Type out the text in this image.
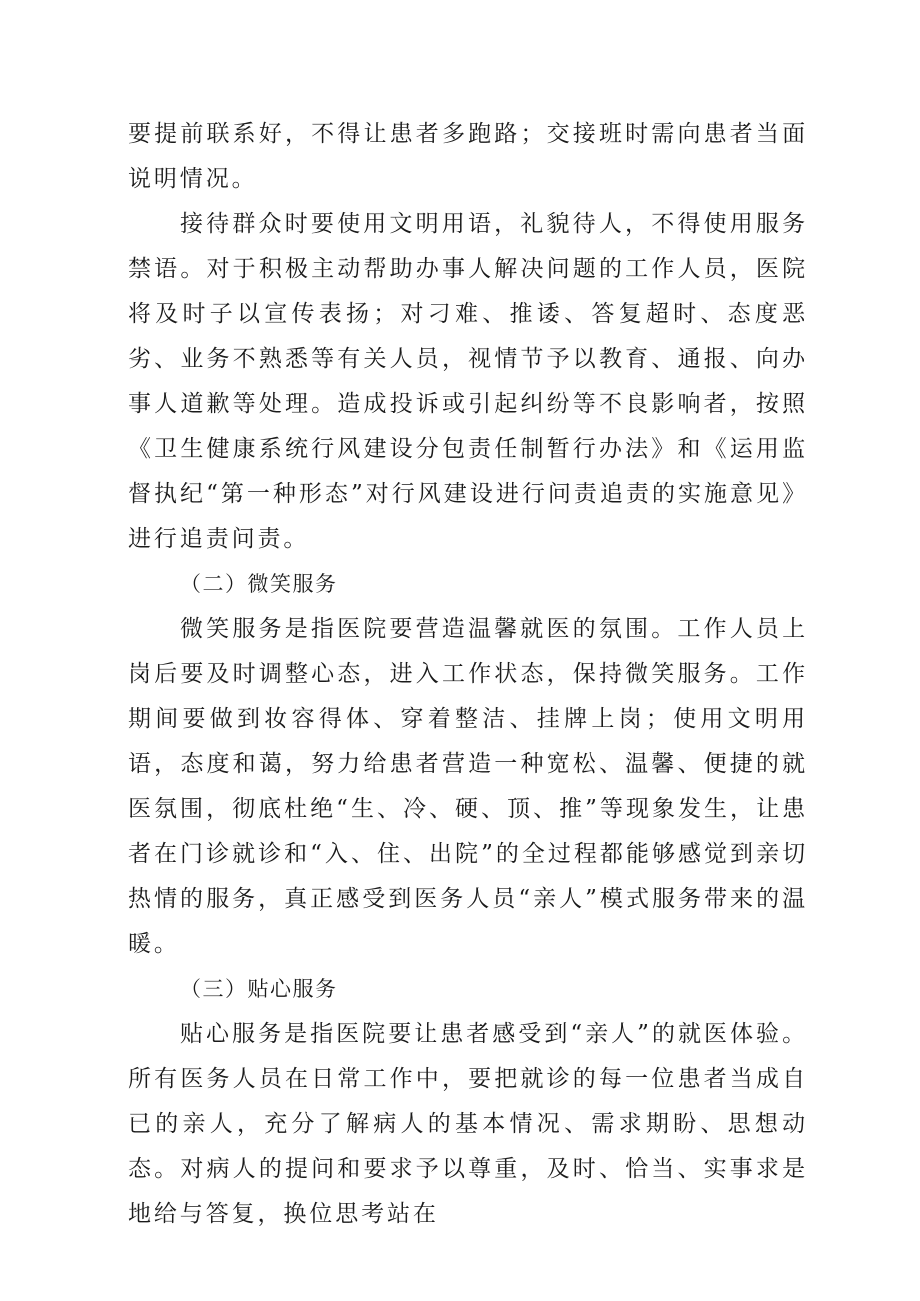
要提前联系好，不得让患者多跑路；交接班时需向患者当面说明情况。

接待群众时要使用文明用语，礼貌待人，不得使用服务禁语。对于积极主动帮助办事人解决问题的工作人员，医院将及时子以宣传表扬；对刁难、推诿、答复超时、态度恶劣、业务不熟悉等有关人员，视情节予以教育、通报、向办事人道歉等处理。造成投诉或引起纠纷等不良影响者，按照《卫生健康系统行风建设分包责任制暂行办法》和《运用监督执纪“第一种形态”对行风建设进行问责追责的实施意见》进行追责问责。

（二）微笑服务

微笑服务是指医院要营造温馨就医的氛围。工作人员上岗后要及时调整心态，进入工作状态，保持微笑服务。工作期间要做到妆容得体、穿着整洁、挂牌上岗；使用文明用语，态度和蔼，努力给患者营造一种宽松、温馨、便捷的就医氛围，彻底杜绝“生、冷、硬、顶、推”等现象发生，让患者在门诊就诊和“入、住、出院”的全过程都能够感觉到亲切热情的服务，真正感受到医务人员“亲人”模式服务带来的温暖。

（三）贴心服务

贴心服务是指医院要让患者感受到“亲人”的就医体验。所有医务人员在日常工作中，要把就诊的每一位患者当成自已的亲人，充分了解病人的基本情况、需求期盼、思想动态。对病人的提问和要求予以尊重，及时、恰当、实事求是地给与答复，换位思考站在
